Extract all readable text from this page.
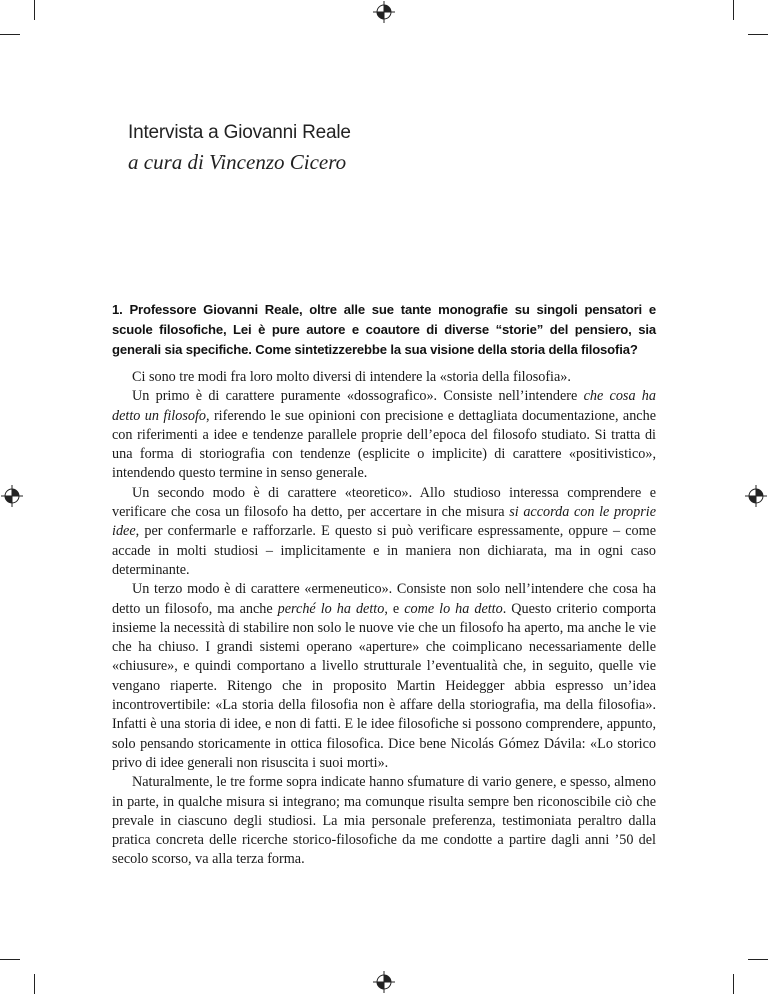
Intervista a Giovanni Reale
a cura di Vincenzo Cicero
1. Professore Giovanni Reale, oltre alle sue tante monografie su singoli pensatori e scuole filosofiche, Lei è pure autore e coautore di diverse “storie” del pensiero, sia generali sia specifiche. Come sintetizzerebbe la sua visione della storia della filosofia?

Ci sono tre modi fra loro molto diversi di intendere la «storia della filosofia».

Un primo è di carattere puramente «dossografico». Consiste nell’intendere che cosa ha detto un filosofo, riferendo le sue opinioni con precisione e dettagliata documentazione, anche con riferimenti a idee e tendenze parallele proprie dell’epoca del filosofo studiato. Si tratta di una forma di storiografia con tendenze (esplicite o implicite) di carattere «positivistico», intendendo questo termine in senso generale.

Un secondo modo è di carattere «teoretico». Allo studioso interessa comprendere e verificare che cosa un filosofo ha detto, per accertare in che misura si accorda con le proprie idee, per confermarle e rafforzarle. E questo si può verificare espressamente, oppure – come accade in molti studiosi – implicitamente e in maniera non dichiarata, ma in ogni caso determinante.

Un terzo modo è di carattere «ermeneutico». Consiste non solo nell’intendere che cosa ha detto un filosofo, ma anche perché lo ha detto, e come lo ha detto. Questo criterio comporta insieme la necessità di stabilire non solo le nuove vie che un filosofo ha aperto, ma anche le vie che ha chiuso. I grandi sistemi operano «aperture» che coimplicano necessariamente delle «chiusure», e quindi comportano a livello strutturale l’eventualità che, in seguito, quelle vie vengano riaperte. Ritengo che in proposito Martin Heidegger abbia espresso un’idea incontrovertibile: «La storia della filosofia non è affare della storiografia, ma della filosofia». Infatti è una storia di idee, e non di fatti. E le idee filosofiche si possono comprendere, appunto, solo pensando storicamente in ottica filosofica. Dice bene Nicolás Gómez Dávila: «Lo storico privo di idee generali non risuscita i suoi morti».

Naturalmente, le tre forme sopra indicate hanno sfumature di vario genere, e spesso, almeno in parte, in qualche misura si integrano; ma comunque risulta sempre ben riconoscibile ciò che prevale in ciascuno degli studiosi. La mia personale preferenza, testimoniata peraltro dalla pratica concreta delle ricerche storico-filosofiche da me condotte a partire dagli anni ’50 del secolo scorso, va alla terza forma.
